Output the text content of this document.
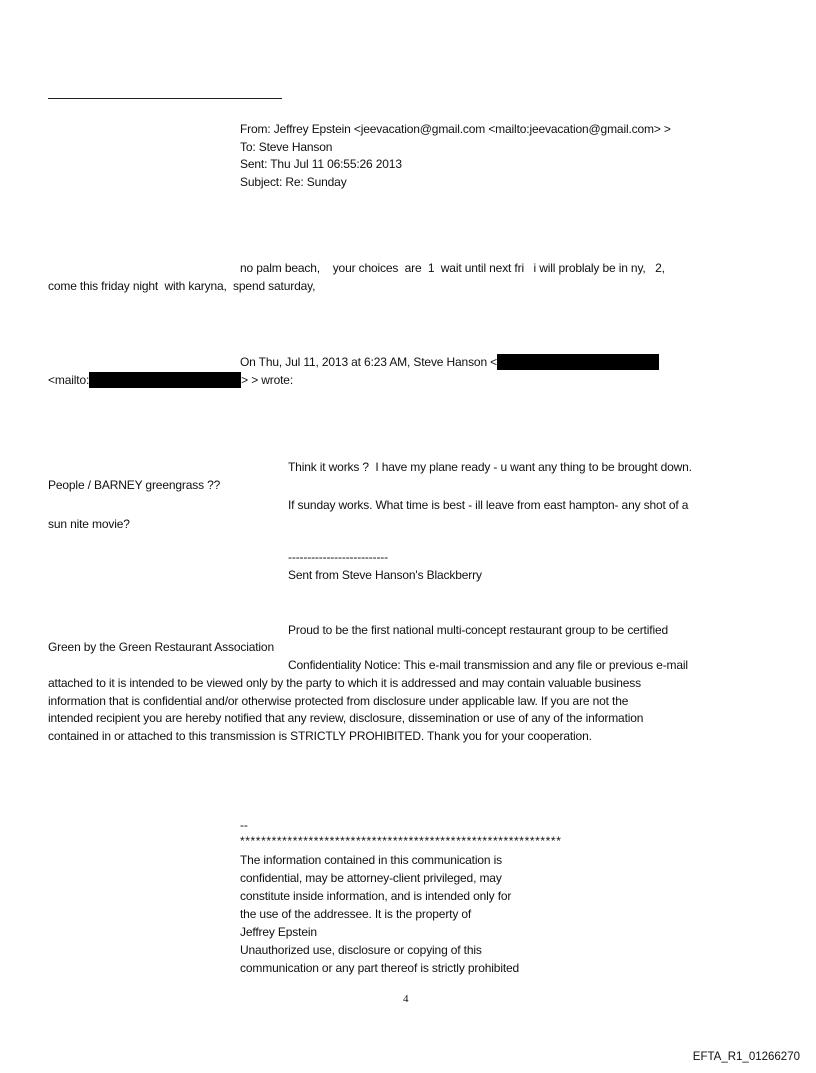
From: Jeffrey Epstein <jeevacation@gmail.com <mailto:jeevacation@gmail.com> >
To: Steve Hanson
Sent: Thu Jul 11 06:55:26 2013
Subject: Re: Sunday
no palm beach,    your choices  are  1  wait until next fri   i will problaly be in ny,   2,
come this friday night  with karyna,  spend saturday,
On Thu, Jul 11, 2013 at 6:23 AM, Steve Hanson <
<mailto:	> > wrote:
Think it works ?  I have my plane ready - u want any thing to be brought down.
People / BARNEY greengrass ??
If sunday works. What time is best - ill leave from east hampton- any shot of a
sun nite movie?
--------------------------
Sent from Steve Hanson's Blackberry
Proud to be the first national multi-concept restaurant group to be certified
Green by the Green Restaurant Association
Confidentiality Notice: This e-mail transmission and any file or previous e-mail
attached to it is intended to be viewed only by the party to which it is addressed and may contain valuable business
information that is confidential and/or otherwise protected from disclosure under applicable law. If you are not the
intended recipient you are hereby notified that any review, disclosure, dissemination or use of any of the information
contained in or attached to this transmission is STRICTLY PROHIBITED. Thank you for your cooperation.
--
*************************************************************
The information contained in this communication is
confidential, may be attorney-client privileged, may
constitute inside information, and is intended only for
the use of the addressee. It is the property of
Jeffrey Epstein
Unauthorized use, disclosure or copying of this
communication or any part thereof is strictly prohibited
4
EFTA_R1_01266270
